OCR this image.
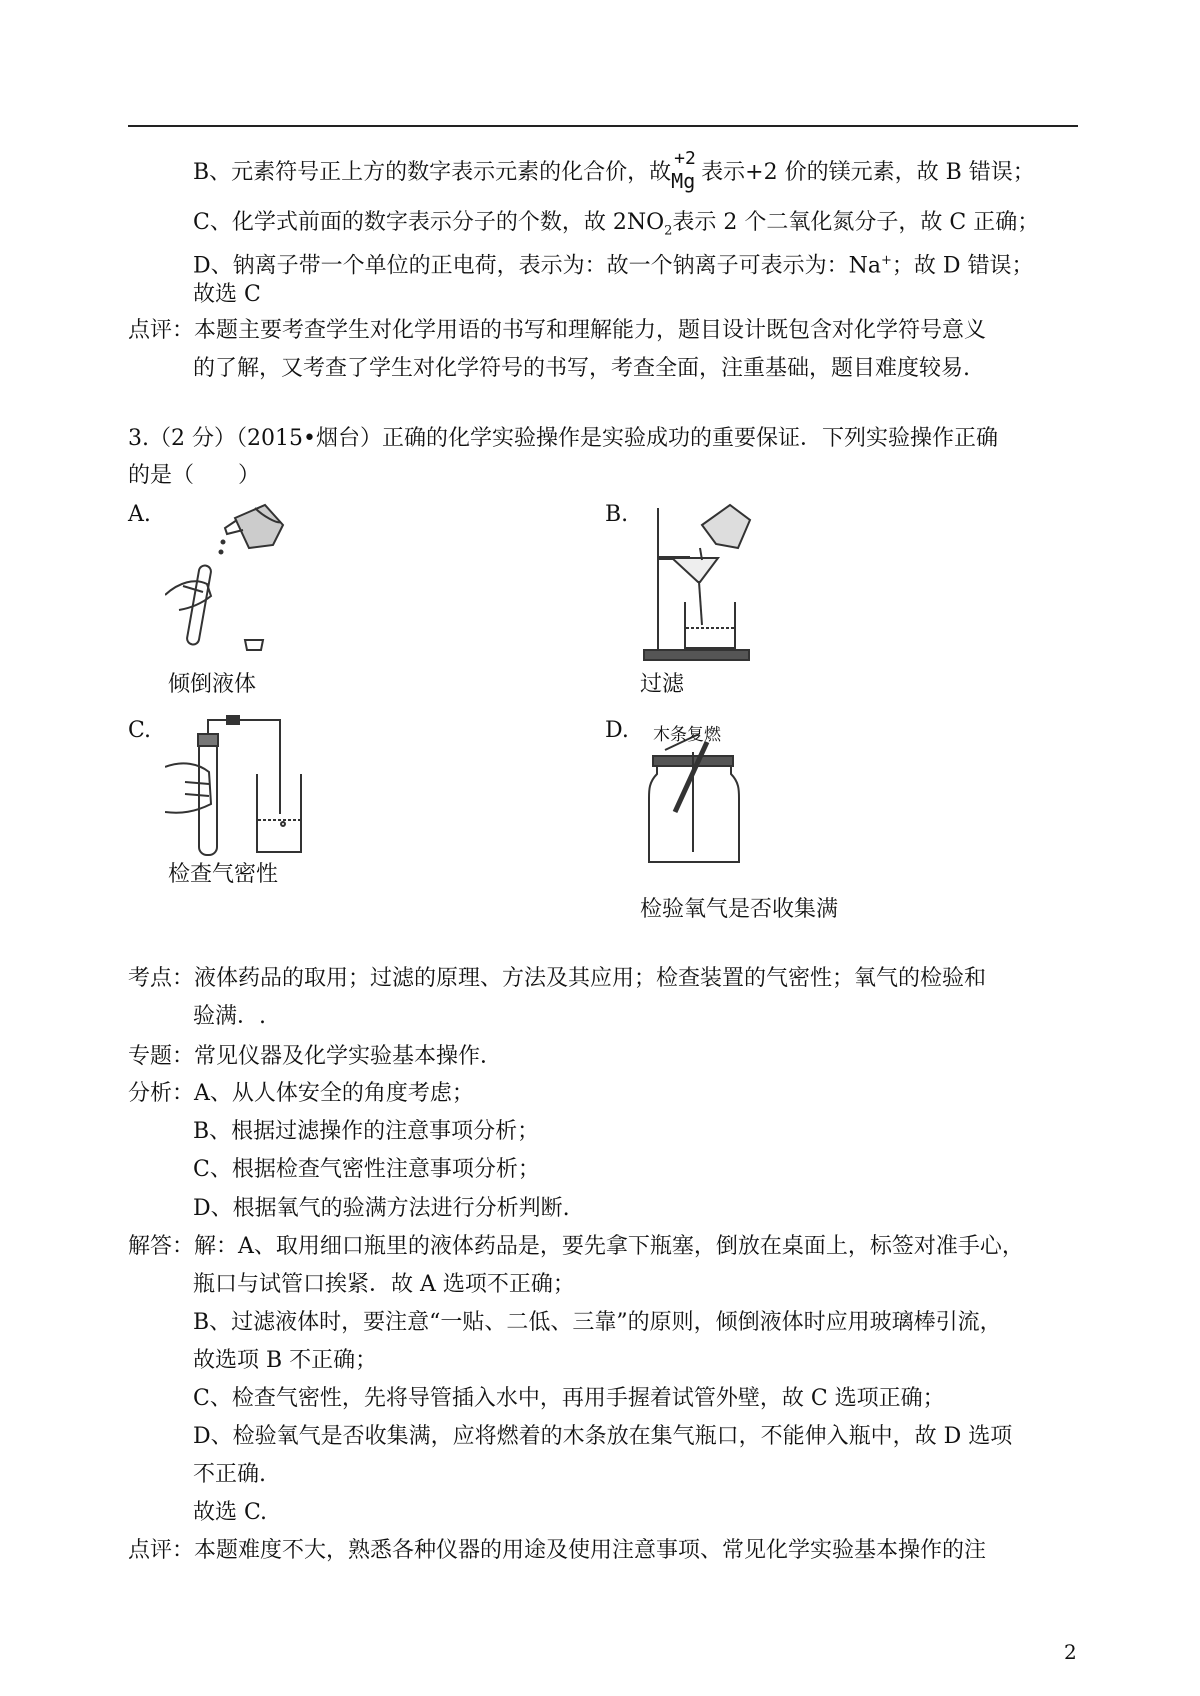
B、元素符号正上方的数字表示元素的化合价，故
+2
Mg 表示+2 价的镁元素，故 B 错误；
C、化学式前面的数字表示分子的个数，故 $2NO_2$表示 2 个二氧化氮分子，故 C 正确；
D、钠离子带一个单位的正电荷，表示为：故一个钠离子可表示为：Na+；故 D 错误；
故选 C
点评：本题主要考查学生对化学用语的书写和理解能力，题目设计既包含对化学符号意义
的了解，又考查了学生对化学符号的书写，考查全面，注重基础，题目难度较易.
3.（2 分）（2015•烟台）正确的化学实验操作是实验成功的重要保证．下列实验操作正确
的是（　　）
A.	B.
倾倒液体	过滤
C.	D. 木条复燃
检查气密性
检验氧气是否收集满
考点：液体药品的取用；过滤的原理、方法及其应用；检查装置的气密性；氧气的检验和
验满．.
专题：常见仪器及化学实验基本操作．
分析：A、从人体安全的角度考虑；
B、根据过滤操作的注意事项分析；
C、根据检查气密性注意事项分析；
D、根据氧气的验满方法进行分析判断.
解答：解：A、取用细口瓶里的液体药品是，要先拿下瓶塞，倒放在桌面上，标签对准手心，
瓶口与试管口挨紧．故 A 选项不正确；
B、过滤液体时，要注意“一贴、二低、三靠”的原则，倾倒液体时应用玻璃棒引流，
故选项 B 不正确；
C、检查气密性，先将导管插入水中，再用手握着试管外壁，故 C 选项正确；
D、检验氧气是否收集满，应将燃着的木条放在集气瓶口，不能伸入瓶中，故 D 选项
不正确.
故选 C.
点评：本题难度不大，熟悉各种仪器的用途及使用注意事项、常见化学实验基本操作的注
2
